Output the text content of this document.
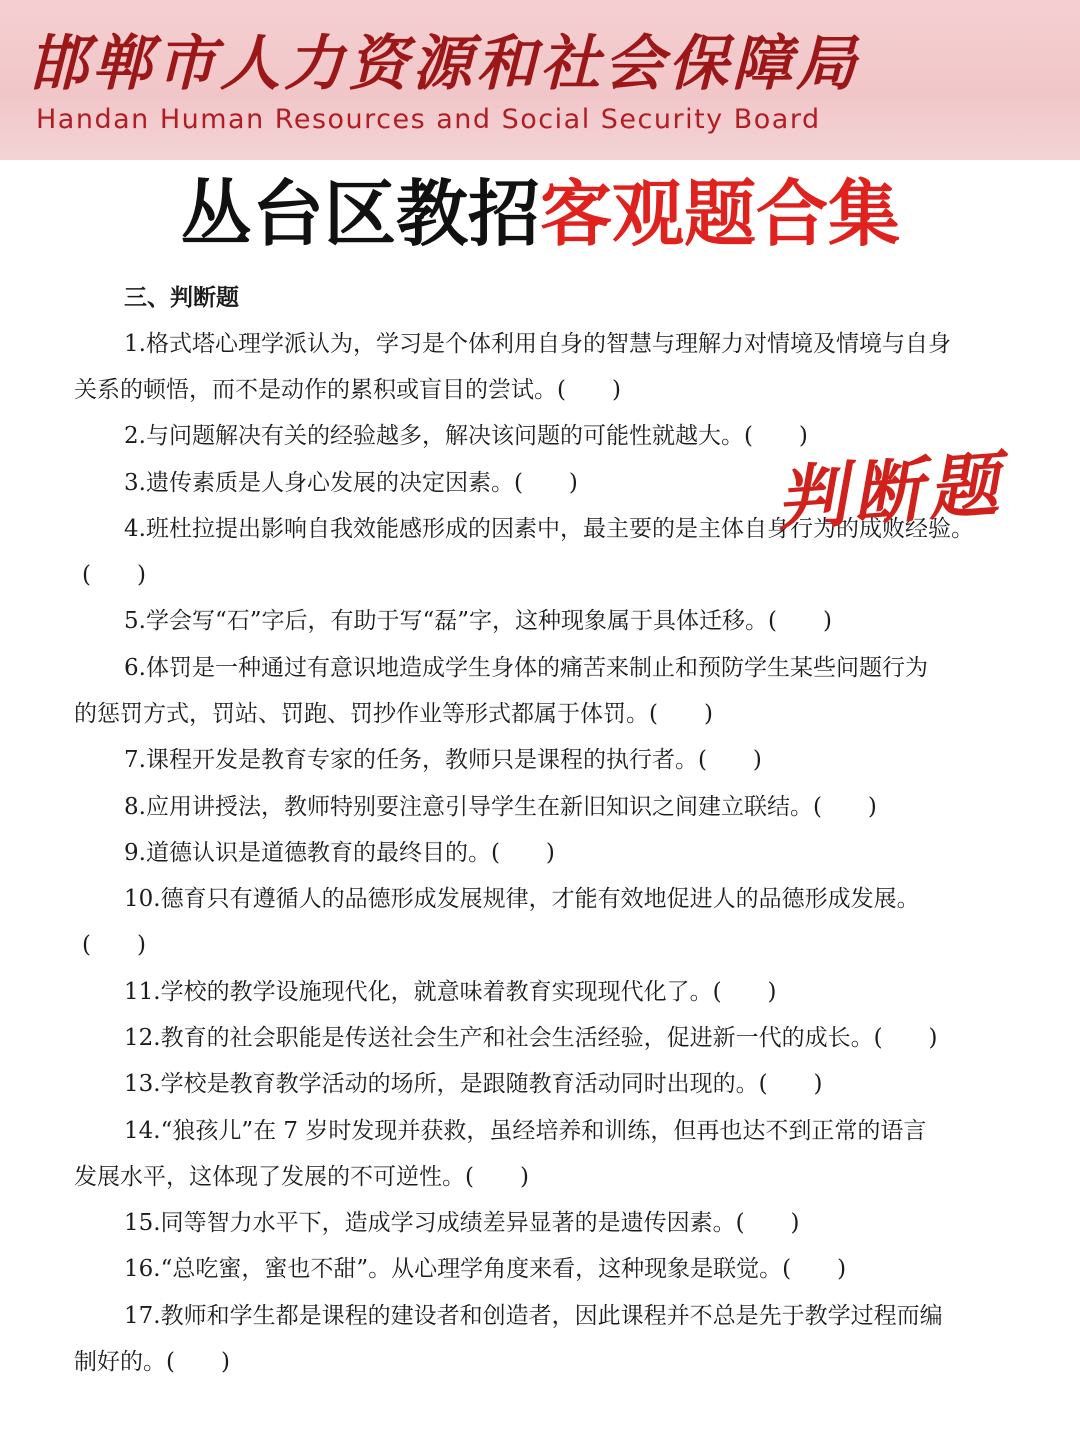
邯郸市人力资源和社会保障局
Handan Human Resources and Social Security Board
丛台区教招客观题合集
三、判断题
1.格式塔心理学派认为，学习是个体利用自身的智慧与理解力对情境及情境与自身
关系的顿悟，而不是动作的累积或盲目的尝试。(　　)
2.与问题解决有关的经验越多，解决该问题的可能性就越大。(　　)
3.遗传素质是人身心发展的决定因素。(　　)
4.班杜拉提出影响自我效能感形成的因素中，最主要的是主体自身行为的成败经验。
(　　)
5.学会写“石”字后，有助于写“磊”字，这种现象属于具体迁移。(　　)
6.体罚是一种通过有意识地造成学生身体的痛苦来制止和预防学生某些问题行为
的惩罚方式，罚站、罚跑、罚抄作业等形式都属于体罚。(　　)
7.课程开发是教育专家的任务，教师只是课程的执行者。(　　)
8.应用讲授法，教师特别要注意引导学生在新旧知识之间建立联结。(　　)
9.道德认识是道德教育的最终目的。(　　)
10.德育只有遵循人的品德形成发展规律，才能有效地促进人的品德形成发展。
(　　)
11.学校的教学设施现代化，就意味着教育实现现代化了。(　　)
12.教育的社会职能是传送社会生产和社会生活经验，促进新一代的成长。(　　)
13.学校是教育教学活动的场所，是跟随教育活动同时出现的。(　　)
14.“狼孩儿”在 7 岁时发现并获救，虽经培养和训练，但再也达不到正常的语言
发展水平，这体现了发展的不可逆性。(　　)
15.同等智力水平下，造成学习成绩差异显著的是遗传因素。(　　)
16.“总吃蜜，蜜也不甜”。从心理学角度来看，这种现象是联觉。(　　)
17.教师和学生都是课程的建设者和创造者，因此课程并不总是先于教学过程而编
制好的。(　　)
判断题
